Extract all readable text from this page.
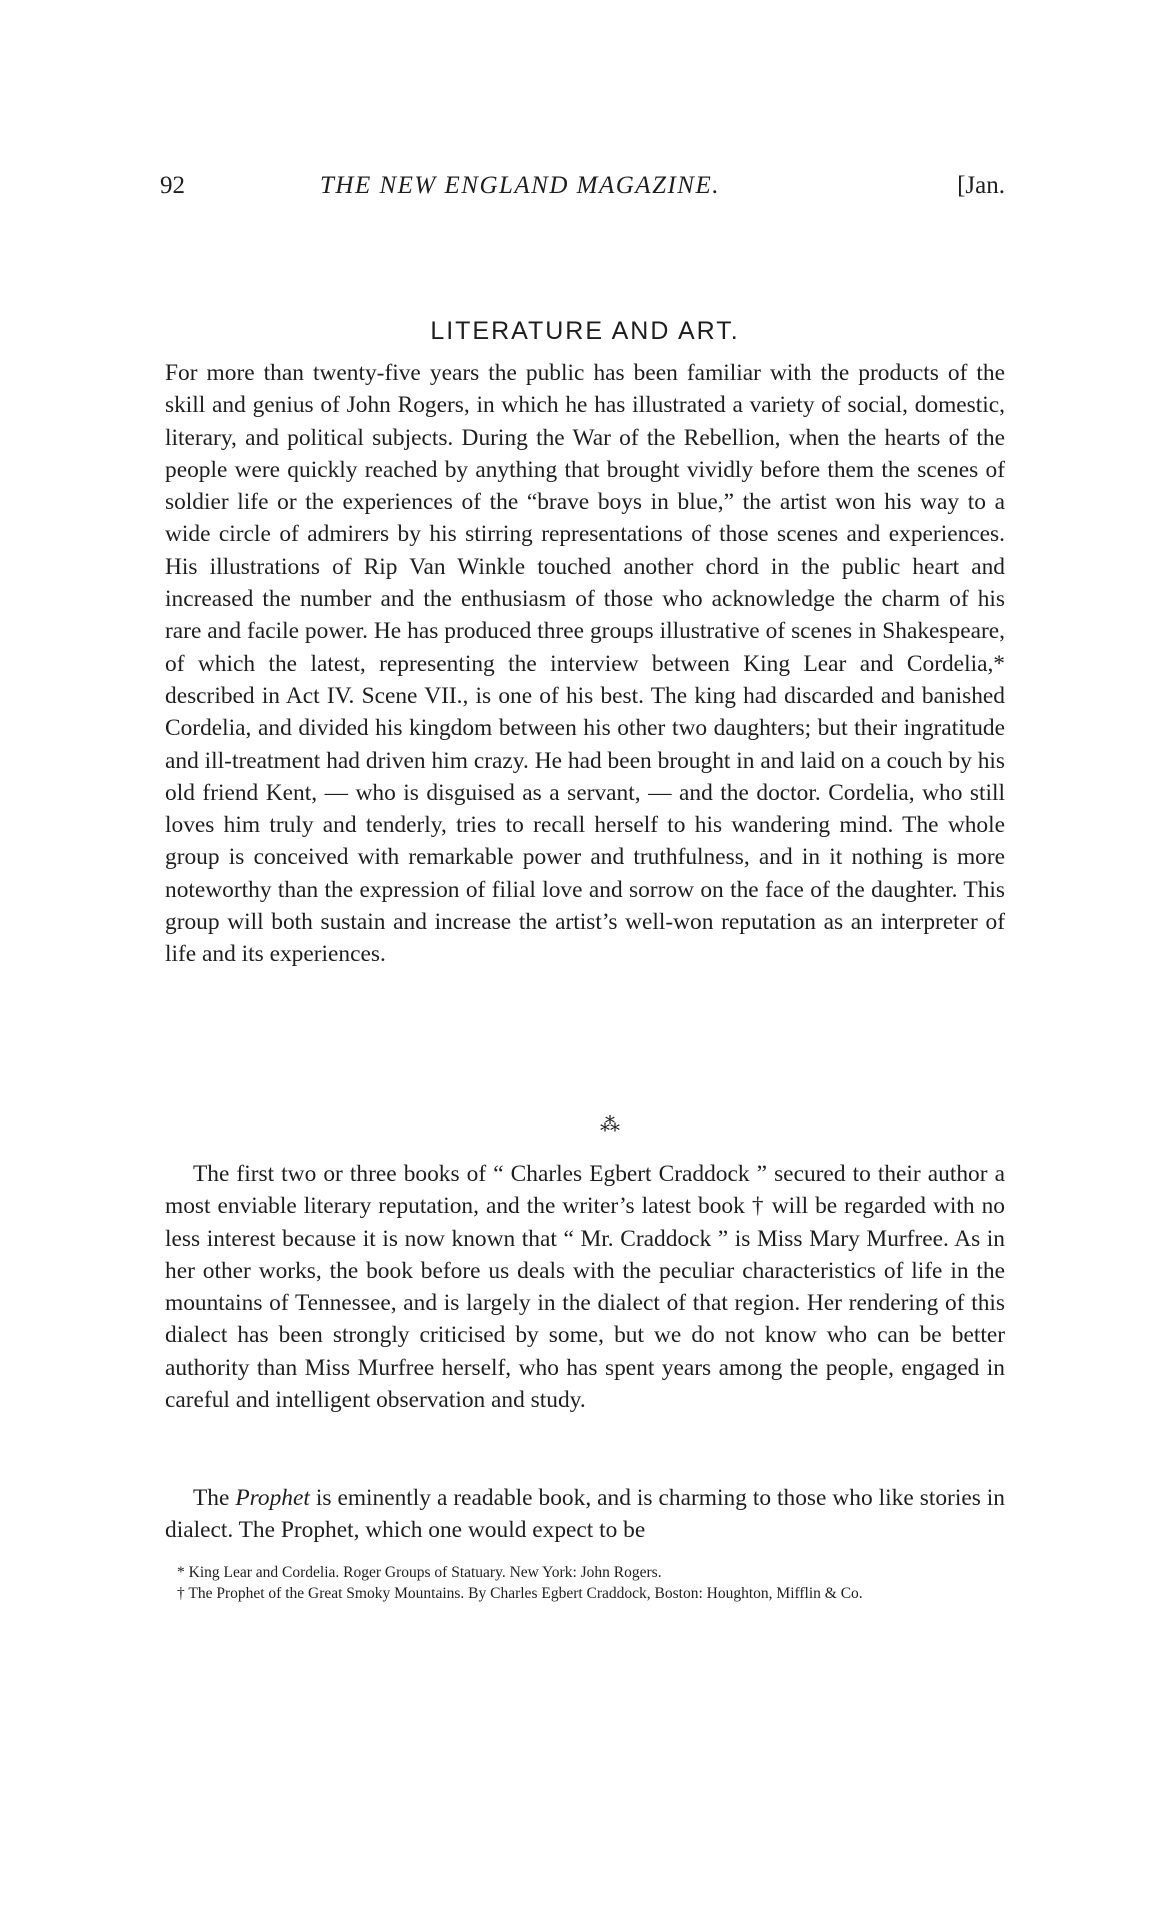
92	THE NEW ENGLAND MAGAZINE.	[Jan.
LITERATURE AND ART.

For more than twenty-five years the public has been familiar with the products of the skill and genius of John Rogers, in which he has illustrated a variety of social, domestic, literary, and political subjects. During the War of the Rebellion, when the hearts of the people were quickly reached by anything that brought vividly before them the scenes of soldier life or the experiences of the “brave boys in blue,” the artist won his way to a wide circle of admirers by his stirring representations of those scenes and experiences. His illustrations of Rip Van Winkle touched another chord in the public heart and increased the number and the enthusiasm of those who acknowledge the charm of his rare and facile power. He has produced three groups illustrative of scenes in Shakespeare, of which the latest, representing the interview between King Lear and Cordelia,* described in Act IV. Scene VII., is one of his best. The king had discarded and banished Cordelia, and divided his kingdom between his other two daughters; but their ingratitude and ill-treatment had driven him crazy. He had been brought in and laid on a couch by his old friend Kent, — who is disguised as a servant, — and the doctor. Cordelia, who still loves him truly and tenderly, tries to recall herself to his wandering mind. The whole group is conceived with remarkable power and truthfulness, and in it nothing is more noteworthy than the expression of filial love and sorrow on the face of the daughter. This group will both sustain and increase the artist’s well-won reputation as an interpreter of life and its experiences.

⁂

The first two or three books of “ Charles Egbert Craddock ” secured to their author a most enviable literary reputation, and the writer’s latest book † will be regarded with no less interest because it is now known that “ Mr. Craddock ” is Miss Mary Murfree. As in her other works, the book before us deals with the peculiar characteristics of life in the mountains of Tennessee, and is largely in the dialect of that region. Her rendering of this dialect has been strongly criticised by some, but we do not know who can be better authority than Miss Murfree herself, who has spent years among the people, engaged in careful and intelligent observation and study.

The Prophet is eminently a readable book, and is charming to those who like stories in dialect. The Prophet, which one would expect to be

* King Lear and Cordelia. Roger Groups of Statuary. New York: John Rogers.

† The Prophet of the Great Smoky Mountains. By Charles Egbert Craddock, Boston: Houghton, Mifflin & Co.
